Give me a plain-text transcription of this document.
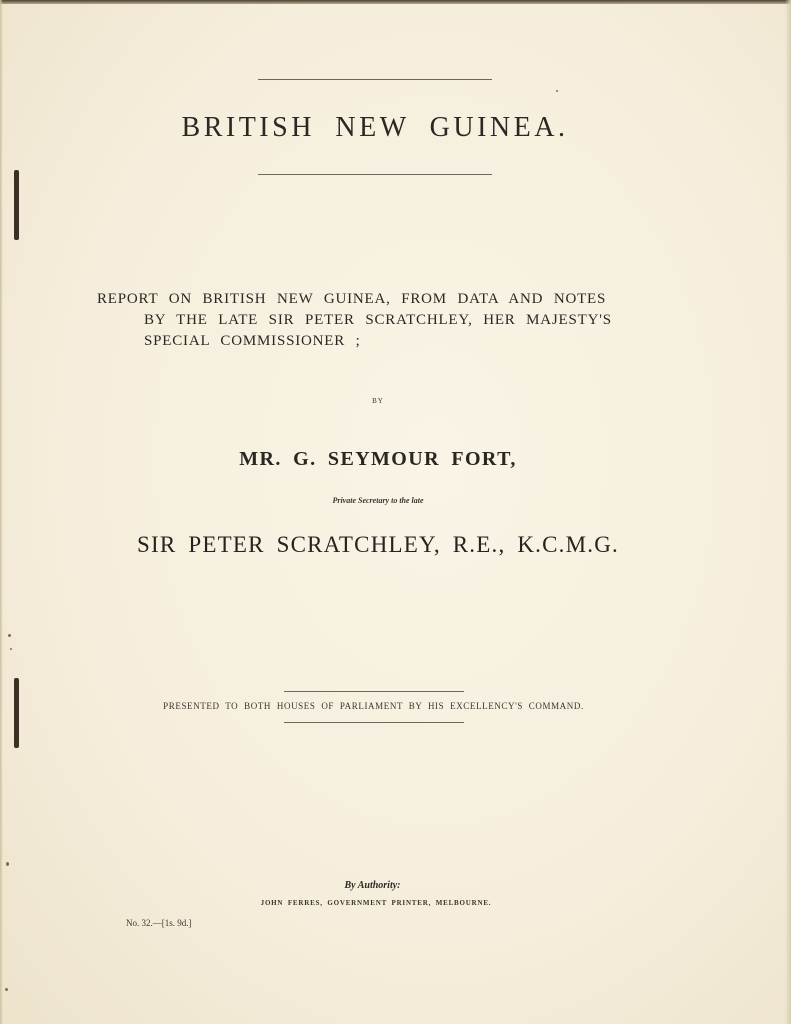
BRITISH NEW GUINEA.
REPORT ON BRITISH NEW GUINEA, FROM DATA AND NOTES
BY THE LATE SIR PETER SCRATCHLEY, HER MAJESTY'S
SPECIAL COMMISSIONER ;
BY
MR. G. SEYMOUR FORT,
Private Secretary to the late
SIR PETER SCRATCHLEY, R.E., K.C.M.G.
PRESENTED TO BOTH HOUSES OF PARLIAMENT BY HIS EXCELLENCY'S COMMAND.
By Authority:
JOHN FERRES, GOVERNMENT PRINTER, MELBOURNE.
No. 32.—[1s. 9d.]
